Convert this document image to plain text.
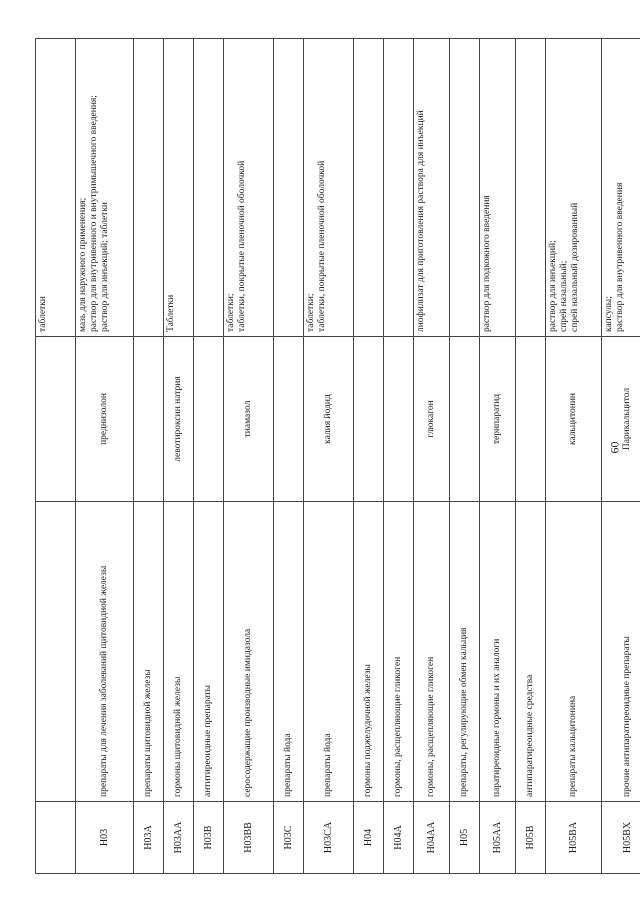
			таблетки
H03	препараты для лечения заболеваний щитовидной железы	преднизолон	мазь для наружного применения;
раствор для внутривенного и внутримышечного введения;
раствор для инъекций; таблетки
H03A	препараты щитовидной железы		
H03AA	гормоны щитовидной железы	левотироксин натрия	Таблетки
H03B	антитиреоидные препараты		
H03BB	серосодержащие производные имидазола	тиамазол	таблетки;
таблетки, покрытые пленочной оболочкой
H03C	препараты йода		
H03CA	препараты йода	калия йодид	таблетки;
таблетки, покрытые пленочной оболочкой
H04	гормоны поджелудочной железы		
H04A	гормоны, расщепляющие гликоген		
H04AA	гормоны, расщепляющие гликоген	глюкагон	лиофилизат для приготовления раствора для инъекций
H05	препараты, регулирующие обмен кальция		
H05AA	паратиреоидные гормоны и их аналоги	терипаратид	раствор для подкожного введения
H05B	антипаратиреоидные средства		
H05BA	препараты кальцитонина	кальцитонин	раствор для инъекций;
спрей назальный;
спрей назальный дозированный
H05BX	прочие антипаратиреоидные препараты	Парикальцитол	капсулы;
раствор для внутривенного введения
60
